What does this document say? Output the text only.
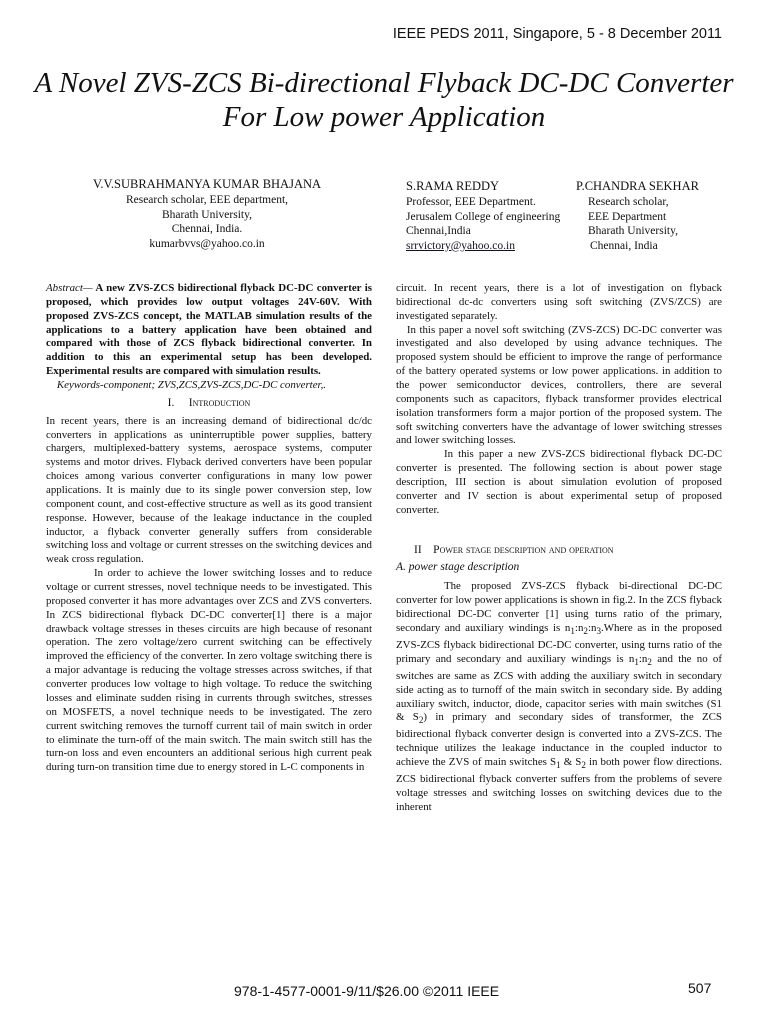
IEEE PEDS 2011, Singapore, 5 - 8 December 2011
A Novel ZVS-ZCS Bi-directional Flyback DC-DC Converter For Low power Application
V.V.SUBRAHMANYA KUMAR BHAJANA
Research scholar, EEE department,
Bharath University,
Chennai, India.
kumarbvvs@yahoo.co.in
S.RAMA REDDY
Professor, EEE Department.
Jerusalem College of engineering
Chennai,India
srrvictory@yahoo.co.in
P.CHANDRA SEKHAR
Research scholar,
EEE Department
Bharath University,
Chennai, India

Abstract— A new ZVS-ZCS bidirectional flyback DC-DC converter is proposed, which provides low output voltages 24V-60V. With proposed ZVS-ZCS concept, the MATLAB simulation results of the applications to a battery application have been obtained and compared with those of ZCS flyback bidirectional converter. In addition to this an experimental setup has been developed. Experimental results are compared with simulation results.

Keywords-component; ZVS,ZCS,ZVS-ZCS,DC-DC converter,.

I. Introduction

In recent years, there is an increasing demand of bidirectional dc/dc converters in applications as uninterruptible power supplies, battery chargers, multiplexed-battery systems, aerospace systems, computer systems and motor drives. Flyback derived converters have been popular choices among various converter configurations in many low power applications. It is mainly due to its single power conversion step, low component count, and cost-effective structure as well as its good transient response. However, because of the leakage inductance in the coupled inductor, a flyback converter generally suffers from considerable switching loss and voltage or current stresses on the switching devices and weak cross regulation.

In order to achieve the lower switching losses and to reduce voltage or current stresses, novel technique needs to be investigated. This proposed converter it has more advantages over ZCS and ZVS converters. In ZCS bidirectional flyback DC-DC converter[1] there is a major drawback voltage stresses in theses circuits are high because of resonant operation. The zero voltage/zero current switching can be effectively improved the efficiency of the converter. In zero voltage switching there is a major advantage is reducing the voltage stresses across switches, if that converter produces low voltage to high voltage. To reduce the switching losses and eliminate sudden rising in currents through switches, stresses on MOSFETS, a novel technique needs to be investigated. The zero current switching removes the turnoff current tail of main switch in order to eliminate the turn-off of the main switch. The main switch still has the turn-on loss and even encounters an additional serious high current peak during turn-on transition time due to energy stored in L-C components in

circuit. In recent years, there is a lot of investigation on flyback bidirectional dc-dc converters using soft switching (ZVS/ZCS) are investigated separately.

In this paper a novel soft switching (ZVS-ZCS) DC-DC converter was investigated and also developed by using advance techniques. The proposed system should be efficient to improve the range of performance of the battery operated systems or low power applications. in addition to the power semiconductor devices, controllers, there are several components such as capacitors, flyback transformer provides electrical isolation transformers form a major portion of the proposed system. The soft switching converters have the advantage of lower switching stresses and lower switching losses.

In this paper a new ZVS-ZCS bidirectional flyback DC-DC converter is presented. The following section is about power stage description, III section is about simulation evolution of proposed converter and IV section is about experimental setup of proposed converter.

II Power stage description and operation

A. power stage description

The proposed ZVS-ZCS flyback bi-directional DC-DC converter for low power applications is shown in fig.2. In the ZCS flyback bidirectional DC-DC converter [1] using turns ratio of the primary, secondary and auxiliary windings is $n_1:n_2:n_3.Where$ as in the proposed ZVS-ZCS flyback bidirectional DC-DC converter, using turns ratio of the primary and secondary and auxiliary windings is $n_1:n_2$ and the no of switches are same as ZCS with adding the auxiliary switch in secondary side acting as to turnoff of the main switch in secondary side. By adding auxiliary switch, inductor, diode, capacitor series with main switches (S1 & $S_2$) in primary and secondary sides of transformer, the ZCS bidirectional flyback converter design is converted into a ZVS-ZCS. The technique utilizes the leakage inductance in the coupled inductor to achieve the ZVS of main switches $S_1$ & $S_2$ in both power flow directions. ZCS bidirectional flyback converter suffers from the problems of severe voltage stresses and switching losses on switching devices due to the inherent

978-1-4577-0001-9/11/$26.00 ©2011 IEEE	507
